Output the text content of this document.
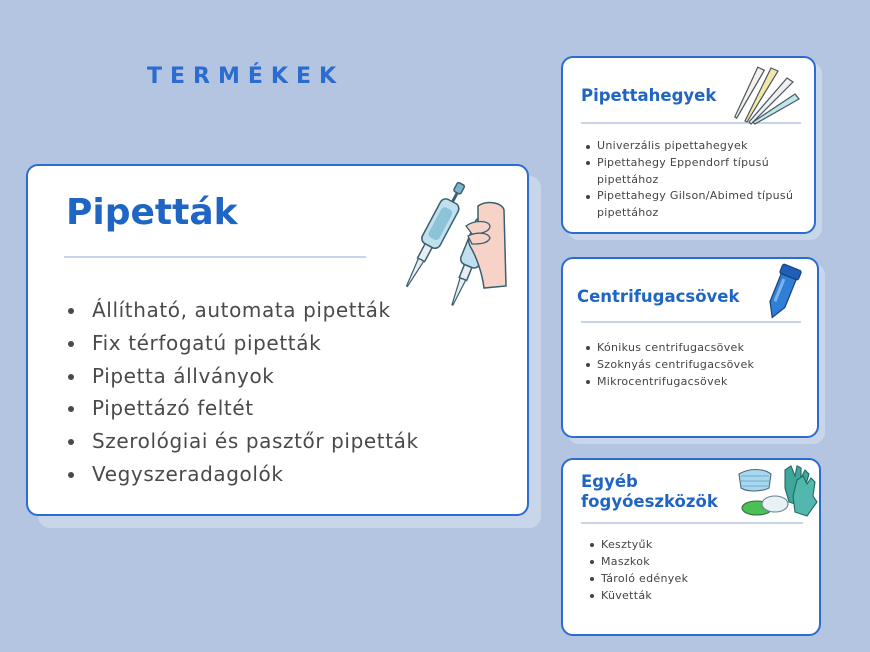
TERMÉKEK
Pipetták
Állítható, automata pipetták
Fix térfogatú pipetták
Pipetta állványok
Pipettázó feltét
Szerológiai és pasztőr pipetták
Vegyszeradagolók
Pipettahegyek
Univerzális pipettahegyek
Pipettahegy Eppendorf típusú pipettához
Pipettahegy Gilson/Abimed típusú pipettához
Centrifugacsövek
Kónikus centrifugacsövek
Szoknyás centrifugacsövek
Mikrocentrifugacsövek
Egyéb fogyóeszközök
Kesztyűk
Maszkok
Tároló edények
Küvetták
